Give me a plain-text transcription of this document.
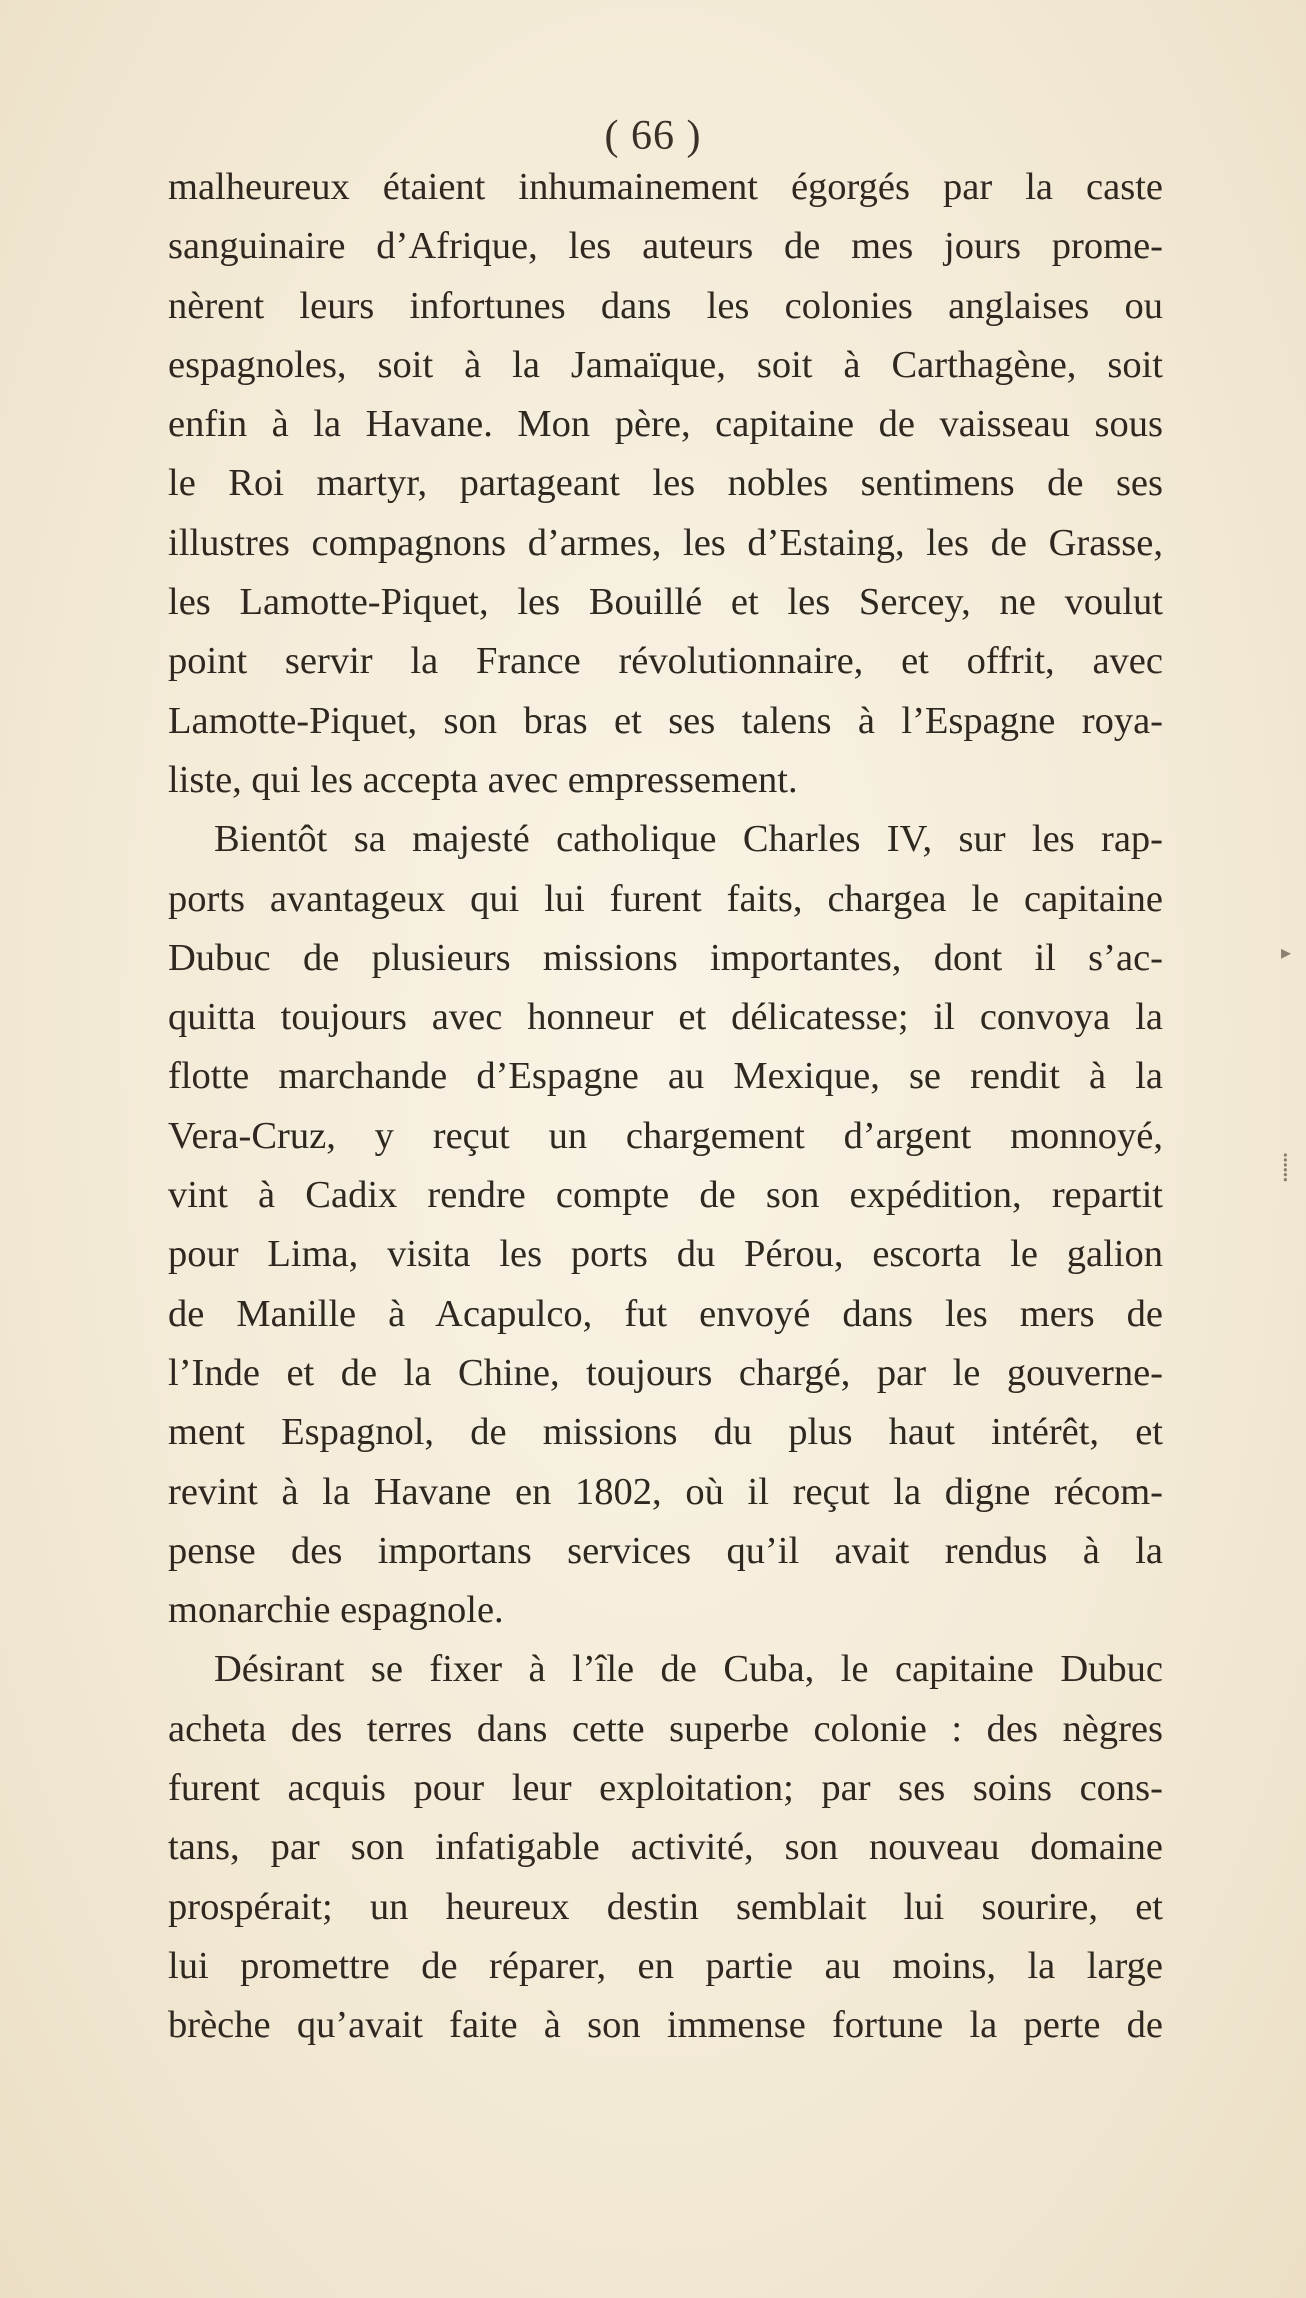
( 66 )
malheureux étaient inhumainement égorgés par la caste
sanguinaire d’Afrique, les auteurs de mes jours prome-
nèrent leurs infortunes dans les colonies anglaises ou
espagnoles, soit à la Jamaïque, soit à Carthagène, soit
enfin à la Havane. Mon père, capitaine de vaisseau sous
le Roi martyr, partageant les nobles sentimens de ses
illustres compagnons d’armes, les d’Estaing, les de Grasse,
les Lamotte-Piquet, les Bouillé et les Sercey, ne voulut
point servir la France révolutionnaire, et offrit, avec
Lamotte-Piquet, son bras et ses talens à l’Espagne roya-
liste, qui les accepta avec empressement.
Bientôt sa majesté catholique Charles IV, sur les rap-
ports avantageux qui lui furent faits, chargea le capitaine
Dubuc de plusieurs missions importantes, dont il s’ac-
quitta toujours avec honneur et délicatesse; il convoya la
flotte marchande d’Espagne au Mexique, se rendit à la
Vera-Cruz, y reçut un chargement d’argent monnoyé,
vint à Cadix rendre compte de son expédition, repartit
pour Lima, visita les ports du Pérou, escorta le galion
de Manille à Acapulco, fut envoyé dans les mers de
l’Inde et de la Chine, toujours chargé, par le gouverne-
ment Espagnol, de missions du plus haut intérêt, et
revint à la Havane en 1802, où il reçut la digne récom-
pense des importans services qu’il avait rendus à la
monarchie espagnole.
Désirant se fixer à l’île de Cuba, le capitaine Dubuc
acheta des terres dans cette superbe colonie : des nègres
furent acquis pour leur exploitation; par ses soins cons-
tans, par son infatigable activité, son nouveau domaine
prospérait; un heureux destin semblait lui sourire, et
lui promettre de réparer, en partie au moins, la large
brèche qu’avait faite à son immense fortune la perte de
▸
⸽
